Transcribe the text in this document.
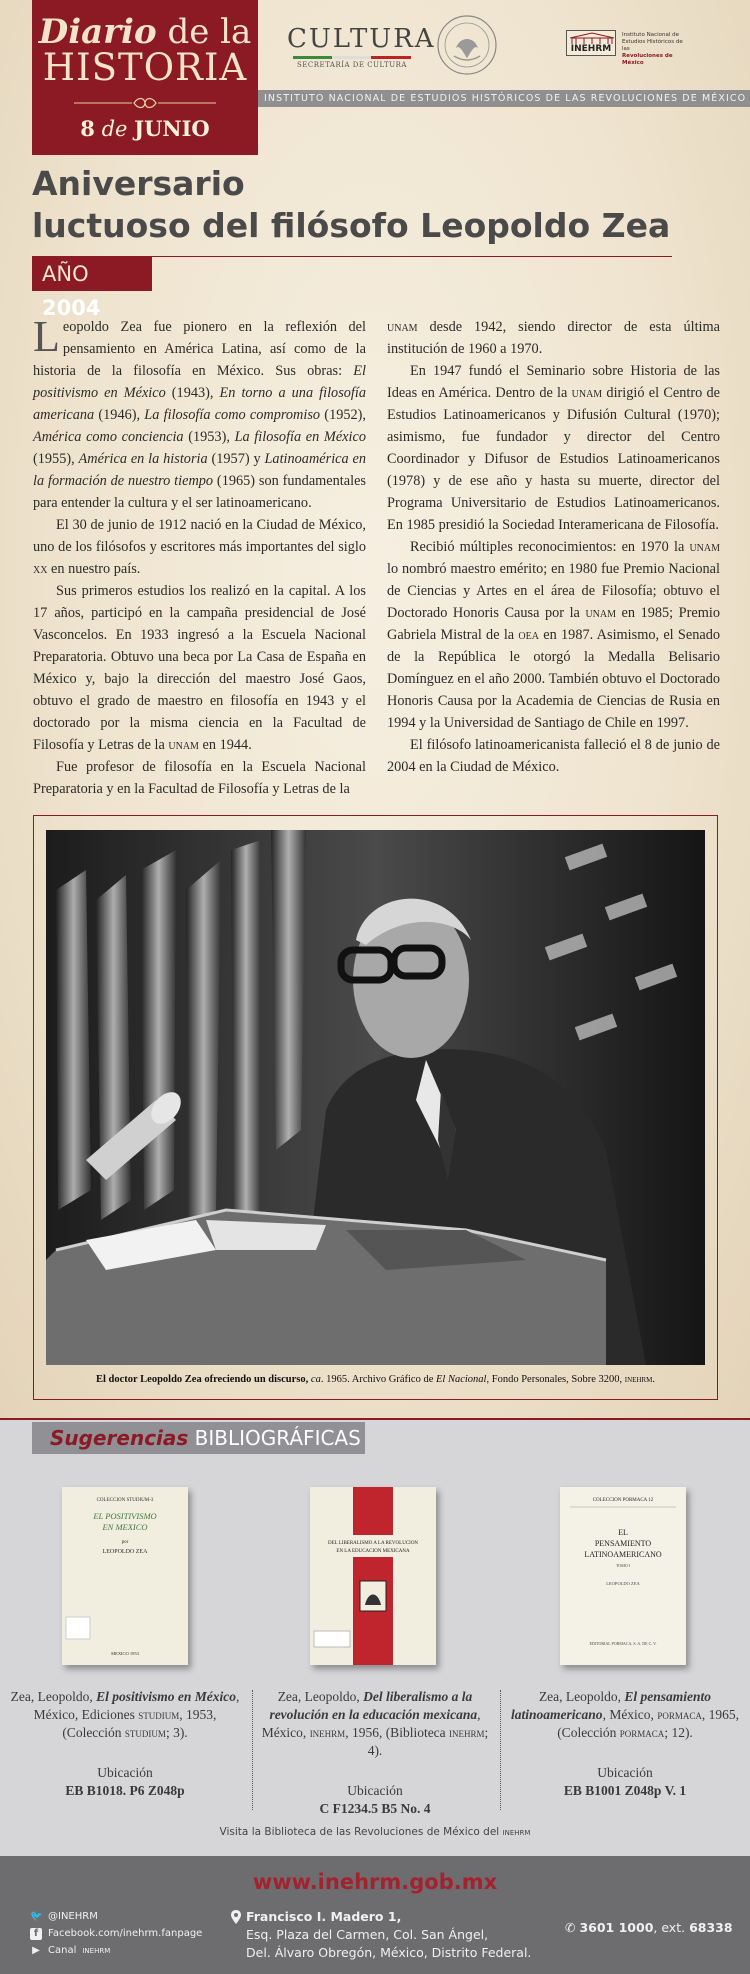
Diario de la
HISTORIA
8 de JUNIO
CULTURA
SECRETARÍA DE CULTURA
INEHRM
Instituto Nacional de
Estudios Históricos de las
Revoluciones de México
INSTITUTO NACIONAL DE ESTUDIOS HISTÓRICOS DE LAS REVOLUCIONES DE MÉXICO
Aniversario
luctuoso del filósofo Leopoldo Zea
AÑO 2004

Leopoldo Zea fue pionero en la reflexión del pensamiento en América Latina, así como de la historia de la filosofía en México. Sus obras: El positivismo en México (1943), En torno a una filosofía americana (1946), La filosofía como compromiso (1952), América como conciencia (1953), La filosofía en México (1955), América en la historia (1957) y Latinoamérica en la formación de nuestro tiempo (1965) son fundamentales para entender la cultura y el ser latinoamericano.

El 30 de junio de 1912 nació en la Ciudad de México, uno de los filósofos y escritores más importantes del siglo xx en nuestro país.

Sus primeros estudios los realizó en la capital. A los 17 años, participó en la campaña presidencial de José Vasconcelos. En 1933 ingresó a la Escuela Nacional Preparatoria. Obtuvo una beca por La Casa de España en México y, bajo la dirección del maestro José Gaos, obtuvo el grado de maestro en filosofía en 1943 y el doctorado por la misma ciencia en la Facultad de Filosofía y Letras de la unam en 1944.

Fue profesor de filosofía en la Escuela Nacional Preparatoria y en la Facultad de Filosofía y Letras de la

unam desde 1942, siendo director de esta última institución de 1960 a 1970.

En 1947 fundó el Seminario sobre Historia de las Ideas en América. Dentro de la unam dirigió el Centro de Estudios Latinoamericanos y Difusión Cultural (1970); asimismo, fue fundador y director del Centro Coordinador y Difusor de Estudios Latinoamericanos (1978) y de ese año y hasta su muerte, director del Programa Universitario de Estudios Latinoamericanos. En 1985 presidió la Sociedad Interamericana de Filosofía.

Recibió múltiples reconocimientos: en 1970 la unam lo nombró maestro emérito; en 1980 fue Premio Nacional de Ciencias y Artes en el área de Filosofía; obtuvo el Doctorado Honoris Causa por la unam en 1985; Premio Gabriela Mistral de la oea en 1987. Asimismo, el Senado de la República le otorgó la Medalla Belisario Domínguez en el año 2000. También obtuvo el Doctorado Honoris Causa por la Academia de Ciencias de Rusia en 1994 y la Universidad de Santiago de Chile en 1997.

El filósofo latinoamericanista falleció el 8 de junio de 2004 en la Ciudad de México.

El doctor Leopoldo Zea ofreciendo un discurso, ca. 1965. Archivo Gráfico de El Nacional, Fondo Personales, Sobre 3200, inehrm.
Sugerencias BIBLIOGRÁFICAS
COLECCION STUDIUM-3
EL POSITIVISMO
EN MEXICO
por
LEOPOLDO ZEA
MEXICO 1953
DEL LIBERALISMO A LA REVOLUCION
EN LA EDUCACION MEXICANA
COLECCION PORMACA 12
EL
PENSAMIENTO
LATINOAMERICANO
TOMO I
LEOPOLDO ZEA
EDITORIAL PORMACA, S. A. DE C. V.
Zea, Leopoldo, El positivismo en México, México, Ediciones studium, 1953, (Colección studium; 3).
Ubicación
EB B1018. P6 Z048p
Zea, Leopoldo, Del liberalismo a la revolución en la educación mexicana, México, inehrm, 1956, (Biblioteca inehrm; 4).
Ubicación
C F1234.5 B5 No. 4
Zea, Leopoldo, El pensamiento latinoamericano, México, pormaca, 1965, (Colección pormaca; 12).
Ubicación
EB B1001 Z048p V. 1
Visita la Biblioteca de las Revoluciones de México del inehrm
www.inehrm.gob.mx
🐦 @INEHRM
f Facebook.com/inehrm.fanpage
▶ Canal inehrm
Francisco I. Madero 1,
Esq. Plaza del Carmen, Col. San Ángel,
Del. Álvaro Obregón, México, Distrito Federal.
✆ 3601 1000, ext. 68338
